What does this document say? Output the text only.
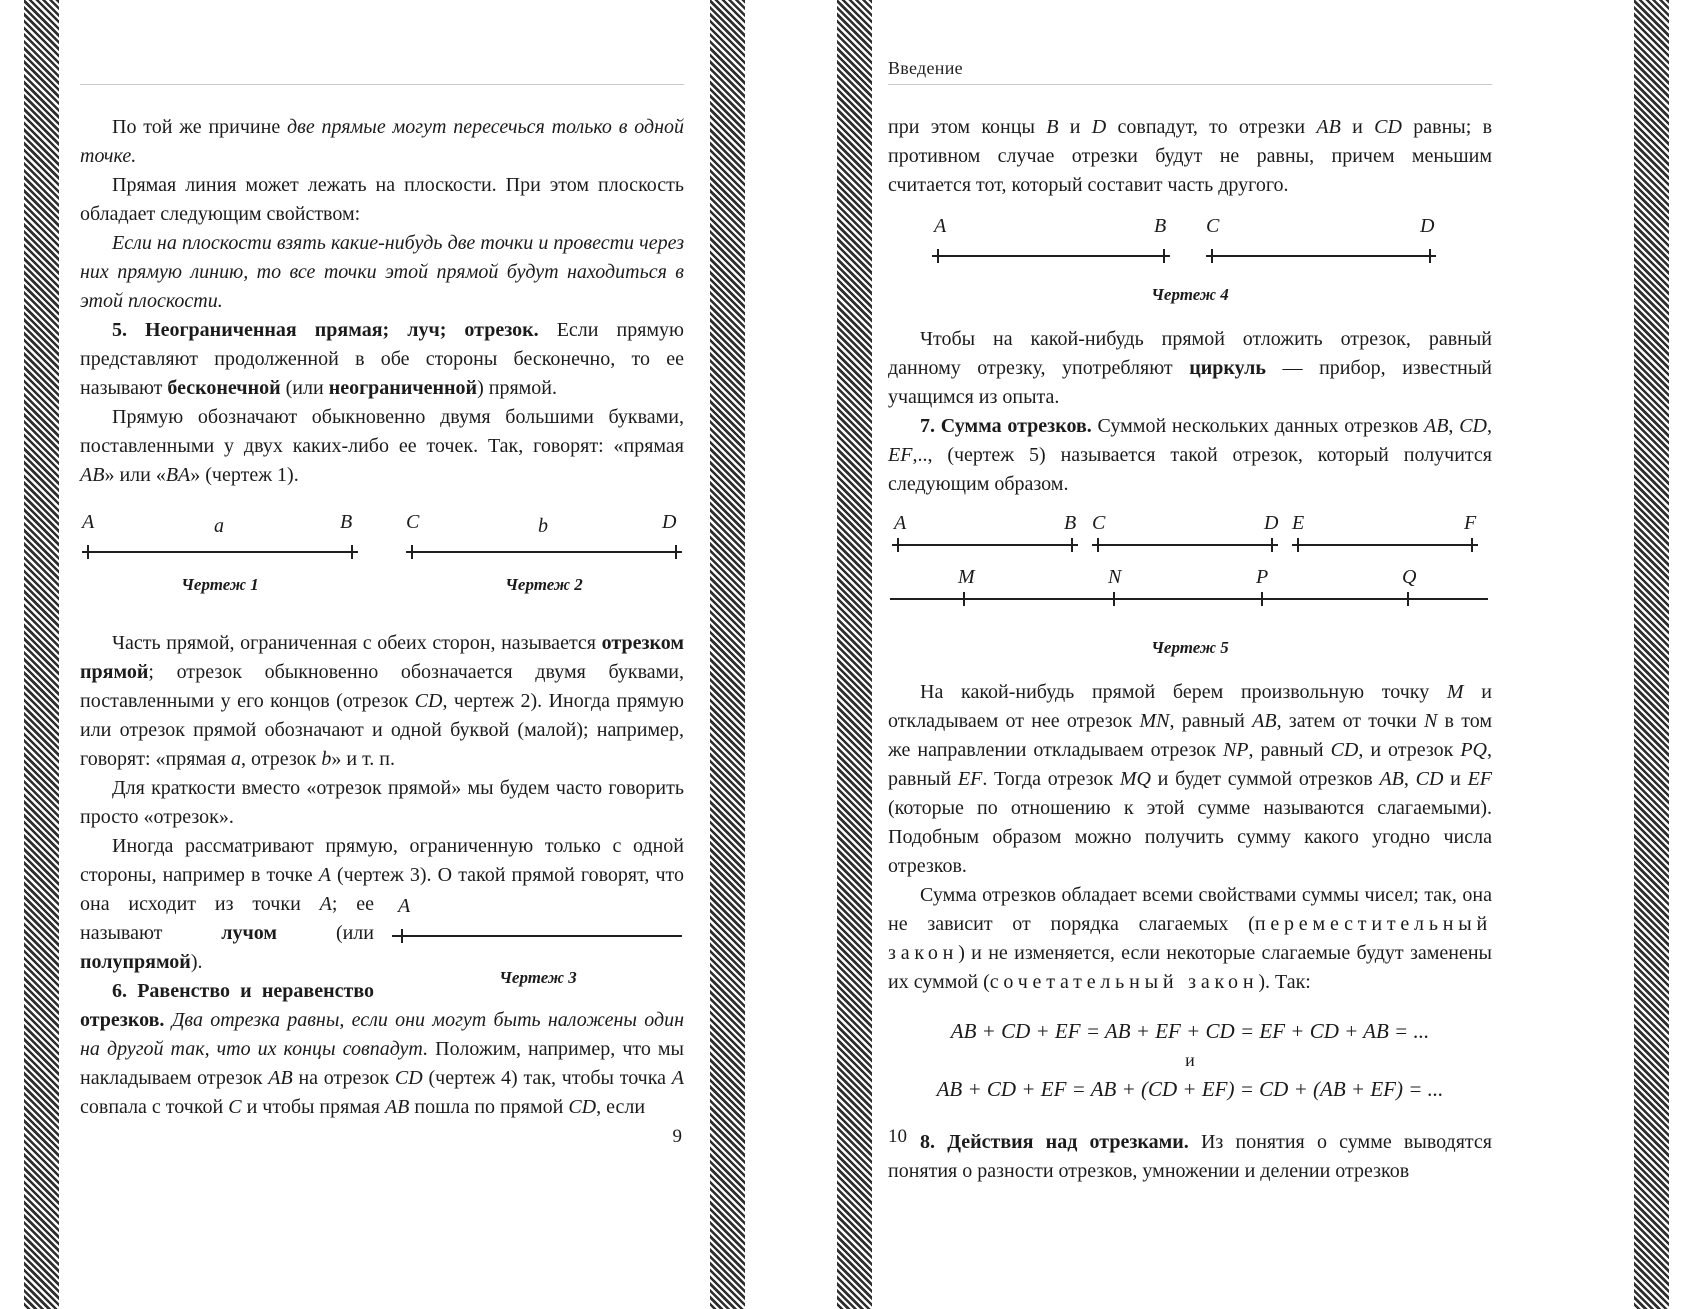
По той же причине две прямые могут пересечься только в одной точке.

Прямая линия может лежать на плоскости. При этом плоскость обладает следующим свойством:

Если на плоскости взять какие-нибудь две точки и провести через них прямую линию, то все точки этой прямой будут находиться в этой плоскости.

5. Неограниченная прямая; луч; отрезок. Если прямую представляют продолженной в обе стороны бесконечно, то ее называют бесконечной (или неограниченной) прямой.

Прямую обозначают обыкновенно двумя большими буквами, поставленными у двух каких-либо ее точек. Так, говорят: «прямая AB» или «BA» (чертеж 1).

A	a	B
Чертеж 1
C	b	D
Чертеж 2

Часть прямой, ограниченная с обеих сторон, называется отрезком прямой; отрезок обыкновенно обозначается двумя буквами, поставленными у его концов (отрезок CD, чертеж 2). Иногда прямую или отрезок прямой обозначают и одной буквой (малой); например, говорят: «прямая a, отрезок b» и т. п.

Для краткости вместо «отрезок прямой» мы будем часто говорить просто «отрезок».

Иногда рассматривают прямую, ограниченную только с одной стороны, например в точке A (чертеж 3).
A
Чертеж 3
О такой прямой говорят, что она исходит из точки A; ее называют лучом (или полупрямой).

6. Равенство и неравенство отрезков. Два отрезка равны, если они могут быть наложены один на другой так, что их концы совпадут. Положим, например, что мы накладываем отрезок AB на отрезок CD (чертеж 4) так, чтобы точка A совпала с точкой C и чтобы прямая AB пошла по прямой CD, если

9
Введение

при этом концы B и D совпадут, то отрезки AB и CD равны; в противном случае отрезки будут не равны, причем меньшим считается тот, который составит часть другого.

A	B C	D
Чертеж 4

Чтобы на какой-нибудь прямой отложить отрезок, равный данному отрезку, употребляют циркуль — прибор, известный учащимся из опыта.

7. Сумма отрезков. Суммой нескольких данных отрезков AB, CD, EF,.., (чертеж 5) называется такой отрезок, который получится следующим образом.

A	B C	D E	F
M	N	P	Q
Чертеж 5

На какой-нибудь прямой берем произвольную точку M и откладываем от нее отрезок MN, равный AB, затем от точки N в том же направлении откладываем отрезок NP, равный CD, и отрезок PQ, равный EF. Тогда отрезок MQ и будет суммой отрезков AB, CD и EF (которые по отношению к этой сумме называются слагаемыми). Подобным образом можно получить сумму какого угодно числа отрезков.

Сумма отрезков обладает всеми свойствами суммы чисел; так, она не зависит от порядка слагаемых (переместительный закон) и не изменяется, если некоторые слагаемые будут заменены их суммой (сочетательный закон). Так:

AB + CD + EF = AB + EF + CD = EF + CD + AB = ...
и
AB + CD + EF = AB + (CD + EF) = CD + (AB + EF) = ...

8. Действия над отрезками. Из понятия о сумме выводятся понятия о разности отрезков, умножении и делении отрезков

10
